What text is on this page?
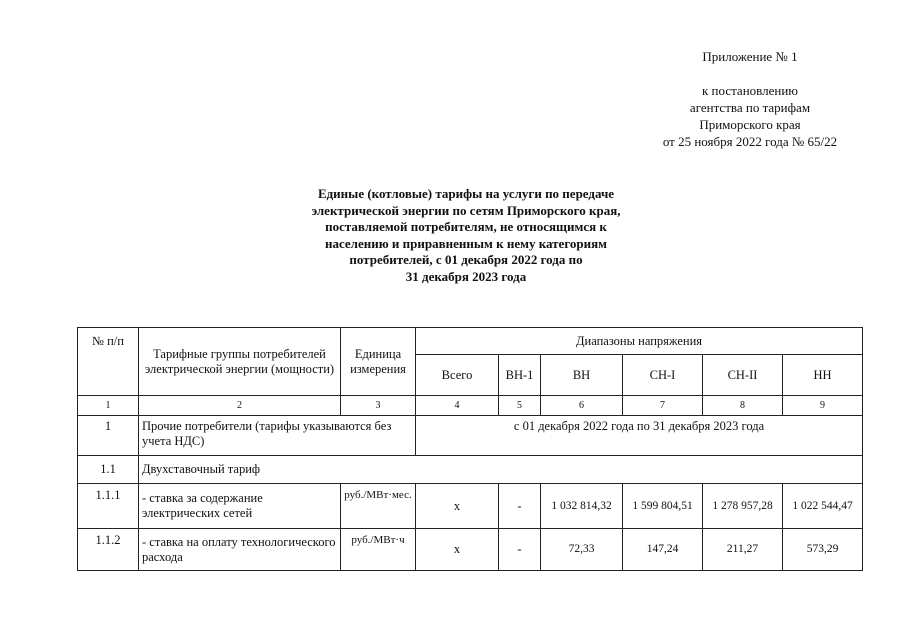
Приложение № 1
к постановлению
агентства по тарифам
Приморского края
от 25 ноября 2022 года № 65/22
Единые (котловые) тарифы на услуги по передаче
электрической энергии по сетям Приморского края,
поставляемой потребителям, не относящимся к
населению и приравненным к нему категориям
потребителей, с 01 декабря 2022 года по
31 декабря 2023 года
№ п/п	Тарифные группы потребителей электрической энергии (мощности)	Единица измерения	Диапазоны напряжения					
			Всего	ВН-1	ВН	СН-I	СН-II	НН
1	2	3	4	5	6	7	8	9
1	Прочие потребители (тарифы указываются без учета НДС)		с 01 декабря 2022 года по 31 декабря 2023 года					
1.1	Двухставочный тариф							
1.1.1	- ставка за содержание электрических сетей	руб./МВт·мес.	х	-	1 032 814,32	1 599 804,51	1 278 957,28	1 022 544,47
1.1.2	- ставка на оплату технологического расхода	руб./МВт·ч	х	-	72,33	147,24	211,27	573,29
